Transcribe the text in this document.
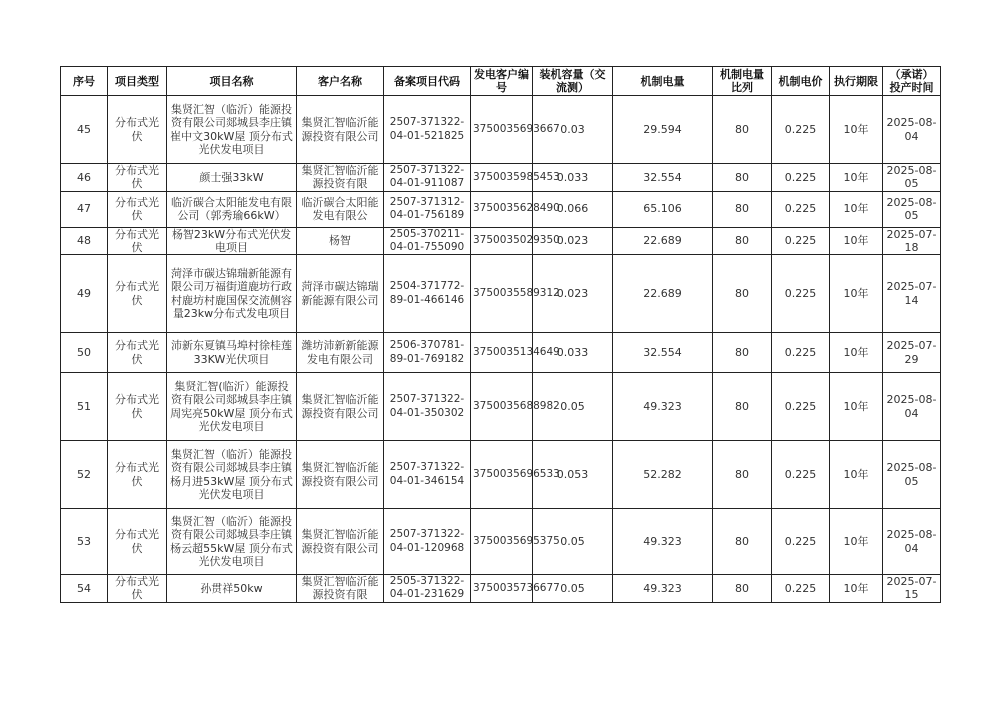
序号	项目类型	项目名称	客户名称	备案项目代码	发电客户编号	装机容量（交流测）	机制电量	机制电量比列	机制电价	执行期限	（承诺）投产时间
45	分布式光伏	集贤汇智（临沂）能源投资有限公司郯城县李庄镇崔中文30kW屋 顶分布式光伏发电项目	集贤汇智临沂能源投资有限公司	2507-371322-04-01-521825	3750035693667	0.03	29.594	80	0.225	10年	2025-08-04
46	分布式光伏	颜士强33kW	集贤汇智临沂能源投资有限	2507-371322-04-01-911087	3750035985453	0.033	32.554	80	0.225	10年	2025-08-05
47	分布式光伏	临沂碳合太阳能发电有限公司（郭秀瑜66kW）	临沂碳合太阳能发电有限公	2507-371312-04-01-756189	3750035628490	0.066	65.106	80	0.225	10年	2025-08-05
48	分布式光伏	杨智23kW分布式光伏发电项目	杨智	2505-370211-04-01-755090	3750035029350	0.023	22.689	80	0.225	10年	2025-07-18
49	分布式光伏	菏泽市碳达锦瑞新能源有限公司万福街道鹿坊行政村鹿坊村鹿国保交流侧容量23kw分布式发电项目	菏泽市碳达锦瑞新能源有限公司	2504-371772-89-01-466146	3750035589312	0.023	22.689	80	0.225	10年	2025-07-14
50	分布式光伏	沛新东夏镇马埠村徐桂莲33KW光伏项目	潍坊沛新新能源发电有限公司	2506-370781-89-01-769182	3750035134649	0.033	32.554	80	0.225	10年	2025-07-29
51	分布式光伏	集贤汇智(临沂）能源投资有限公司郯城县李庄镇周宪亮50kW屋 顶分布式光伏发电项目	集贤汇智临沂能源投资有限公司	2507-371322-04-01-350302	3750035688982	0.05	49.323	80	0.225	10年	2025-08-04
52	分布式光伏	集贤汇智（临沂）能源投资有限公司郯城县李庄镇杨月进53kW屋 顶分布式光伏发电项目	集贤汇智临沂能源投资有限公司	2507-371322-04-01-346154	3750035696533	0.053	52.282	80	0.225	10年	2025-08-05
53	分布式光伏	集贤汇智（临沂）能源投资有限公司郯城县李庄镇杨云超55kW屋 顶分布式光伏发电项目	集贤汇智临沂能源投资有限公司	2507-371322-04-01-120968	3750035695375	0.05	49.323	80	0.225	10年	2025-08-04
54	分布式光伏	孙贯祥50kw	集贤汇智临沂能源投资有限	2505-371322-04-01-231629	3750035736677	0.05	49.323	80	0.225	10年	2025-07-15
